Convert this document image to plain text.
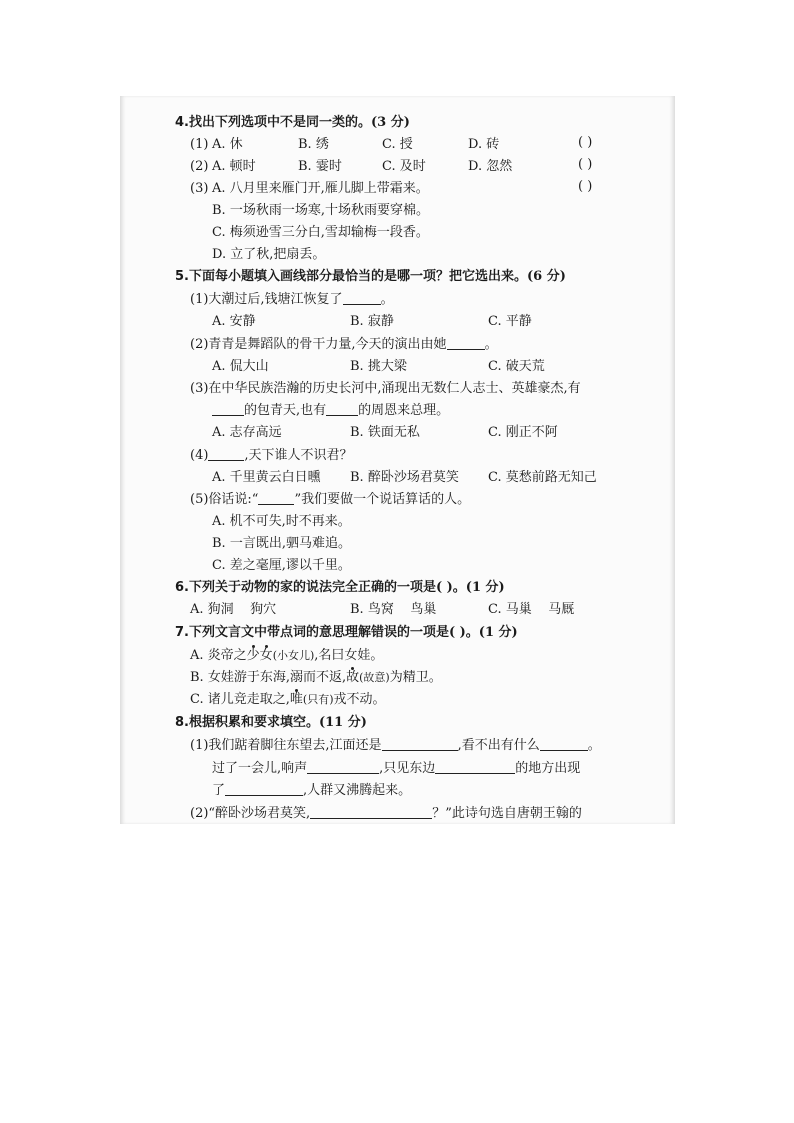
4.找出下列选项中不是同一类的。(3 分)
(1) A. 休	B. 绣	C. 授	D. 砖	( )
(2) A. 顿时	B. 霎时	C. 及时	D. 忽然	( )
(3) A. 八月里来雁门开,雁儿脚上带霜来。	( )
B. 一场秋雨一场寒,十场秋雨要穿棉。
C. 梅须逊雪三分白,雪却输梅一段香。
D. 立了秋,把扇丢。
5.下面每小题填入画线部分最恰当的是哪一项？把它选出来。(6 分)
(1)大潮过后,钱塘江恢复了	。
A. 安静	B. 寂静	C. 平静
(2)青青是舞蹈队的骨干力量,今天的演出由她	。
A. 侃大山	B. 挑大梁	C. 破天荒
(3)在中华民族浩瀚的历史长河中,涌现出无数仁人志士、英雄豪杰,有
的包青天,也有 的周恩来总理。
A. 志存高远	B. 铁面无私	C. 刚正不阿
(4)	,天下谁人不识君？
A. 千里黄云白日曛 B. 醉卧沙场君莫笑 C. 莫愁前路无知己
(5)俗话说:“	”我们要做一个说话算话的人。
A. 机不可失,时不再来。
B. 一言既出,驷马难追。
C. 差之毫厘,谬以千里。
6.下列关于动物的家的说法完全正确的一项是( )。(1 分)
A. 狗洞    狗穴	B. 鸟窝    鸟巢	C. 马巢    马厩
7.下列文言文中带点词的意思理解错误的一项是( )。(1 分)
A. 炎帝之少女(小女儿),名曰女娃。
B. 女娃游于东海,溺而不返,故(故意)为精卫。
C. 诸儿竞走取之,唯(只有)戎不动。
8.根据积累和要求填空。(11 分)
(1)我们踮着脚往东望去,江面还是	,看不出有什么	。
过了一会儿,响声	,只见东边	的地方出现
了	,人群又沸腾起来。
(2)“醉卧沙场君莫笑,	？”此诗句选自唐朝王翰的
